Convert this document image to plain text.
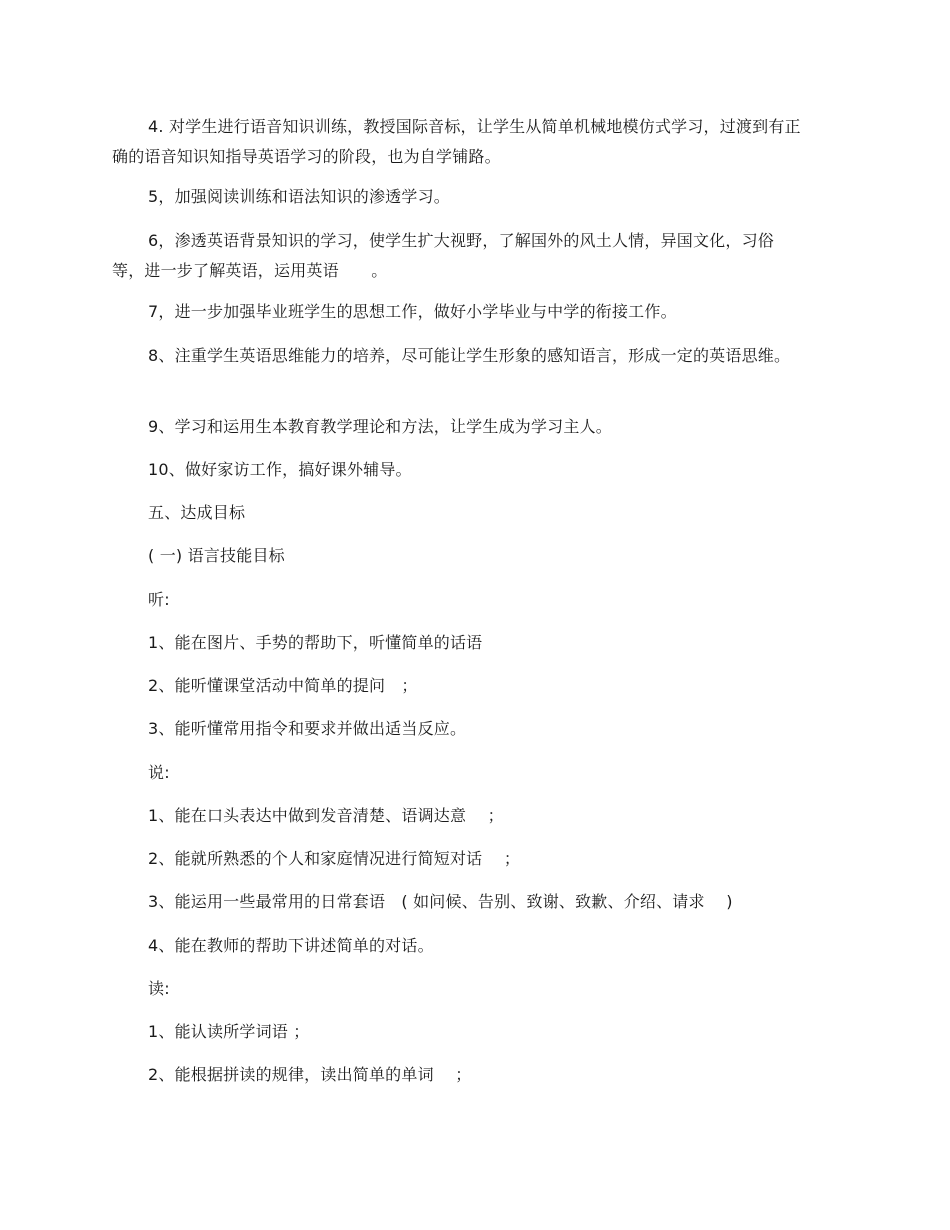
4. 对学生进行语音知识训练，教授国际音标，让学生从简单机械地模仿式学习，过渡到有正确的语音知识知指导英语学习的阶段，也为自学铺路。

5，加强阅读训练和语法知识的渗透学习。

6，渗透英语背景知识的学习，使学生扩大视野，了解国外的风土人情，异国文化，习俗等，进一步了解英语，运用英语　　。

7，进一步加强毕业班学生的思想工作，做好小学毕业与中学的衔接工作。

8、注重学生英语思维能力的培养，尽可能让学生形象的感知语言，形成一定的英语思维。

9、学习和运用生本教育教学理论和方法，让学生成为学习主人。

10、做好家访工作，搞好课外辅导。

五、达成目标

( 一) 语言技能目标

听:

1、能在图片、手势的帮助下，听懂简单的话语

2、能听懂课堂活动中简单的提问　；

3、能听懂常用指令和要求并做出适当反应。

说:

1、能在口头表达中做到发音清楚、语调达意　 ；

2、能就所熟悉的个人和家庭情况进行简短对话　 ；

3、能运用一些最常用的日常套语　( 如问候、告别、致谢、致歉、介绍、请求　 )

4、能在教师的帮助下讲述简单的对话。

读:

1、能认读所学词语 ；

2、能根据拼读的规律，读出简单的单词　 ；
